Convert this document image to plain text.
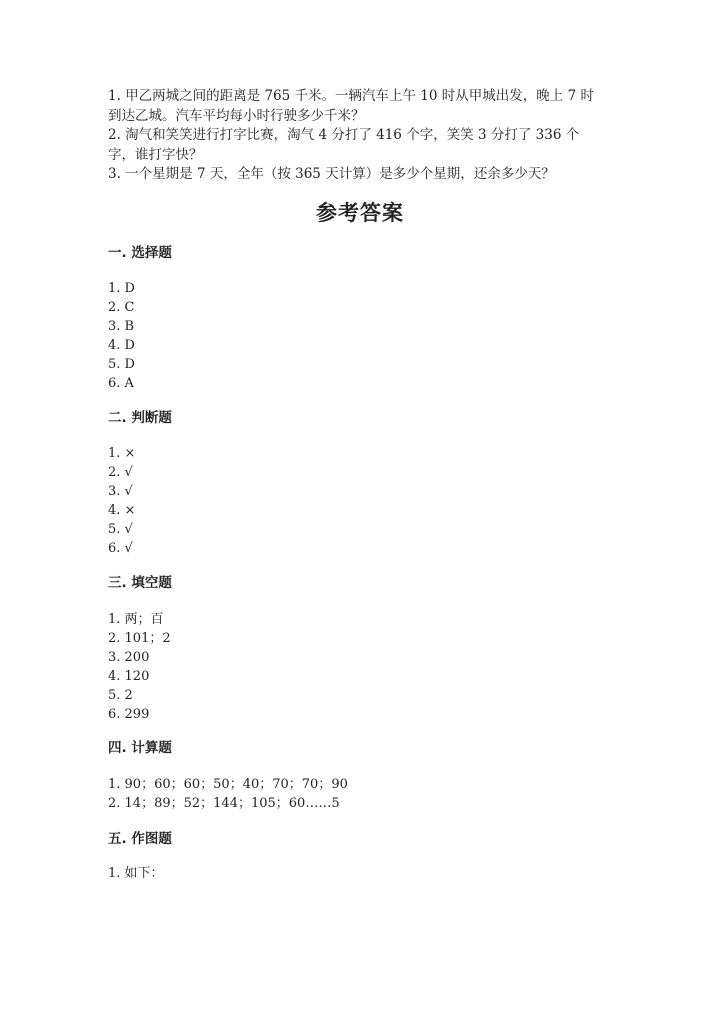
1. 甲乙两城之间的距离是 765 千米。一辆汽车上午 10 时从甲城出发，晚上 7 时

到达乙城。汽车平均每小时行驶多少千米？

2. 淘气和笑笑进行打字比赛，淘气 4 分打了 416 个字，笑笑 3 分打了 336 个

字，谁打字快？

3. 一个星期是 7 天，全年（按 365 天计算）是多少个星期，还余多少天？

参考答案
一. 选择题
1. D
2. C
3. B
4. D
5. D
6. A
二. 判断题
1. ×
2. √
3. √
4. ×
5. √
6. √
三. 填空题
1. 两；百
2. 101；2
3. 200
4. 120
5. 2
6. 299
四. 计算题
1. 90；60；60；50；40；70；70；90
2. 14；89；52；144；105；60……5
五. 作图题
1. 如下：
